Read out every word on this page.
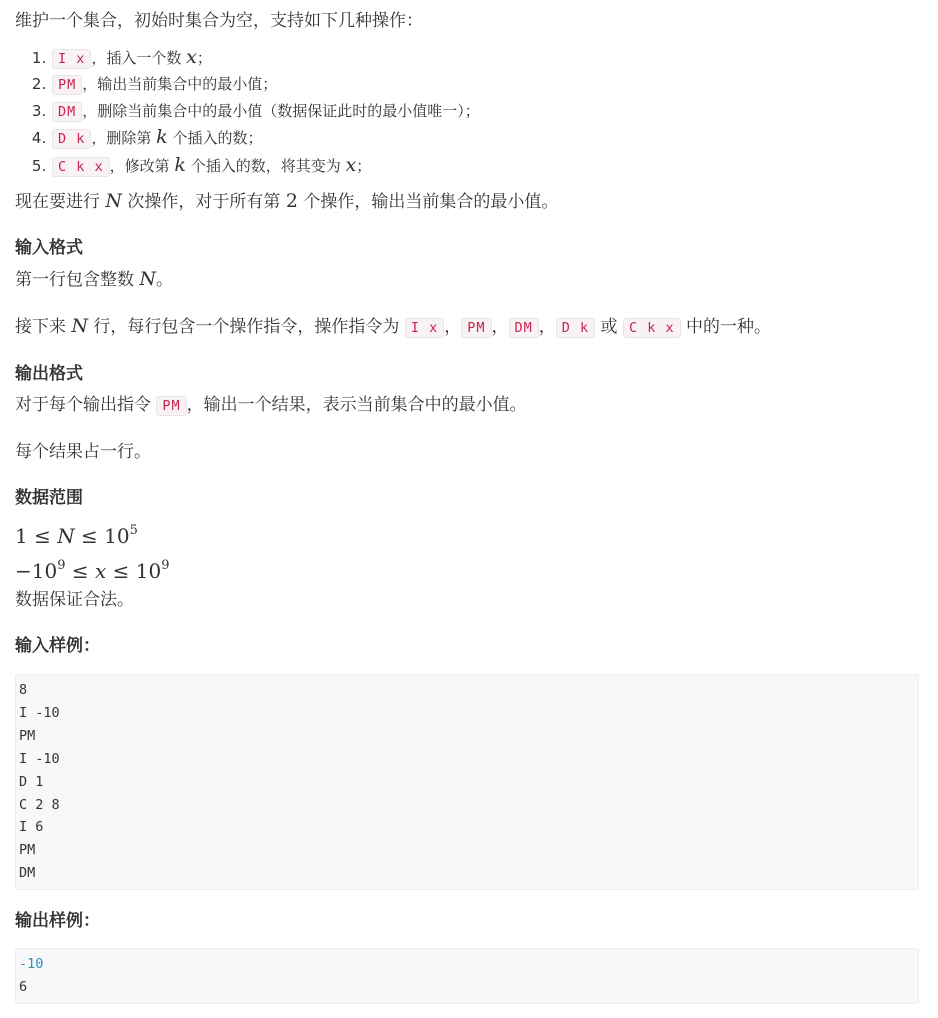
维护一个集合，初始时集合为空，支持如下几种操作：

1. I x ，插入一个数 x；
2. PM ，输出当前集合中的最小值；
3. DM ，删除当前集合中的最小值（数据保证此时的最小值唯一）；
4. D k ，删除第 k 个插入的数；
5. C k x ，修改第 k 个插入的数，将其变为 x；

现在要进行 N 次操作，对于所有第 2 个操作，输出当前集合的最小值。

输入格式

第一行包含整数 N。

接下来 N 行，每行包含一个操作指令，操作指令为 I x ， PM ， DM ， D k 或 C k x 中的一种。

输出格式

对于每个输出指令 PM ，输出一个结果，表示当前集合中的最小值。

每个结果占一行。

数据范围
$1 \le N \le 10^5$
$-10^9 \le x \le 10^9$

数据保证合法。

输入样例：
8
I -10
PM
I -10
D 1
C 2 8
I 6
PM
DM
输出样例：
-10
6
